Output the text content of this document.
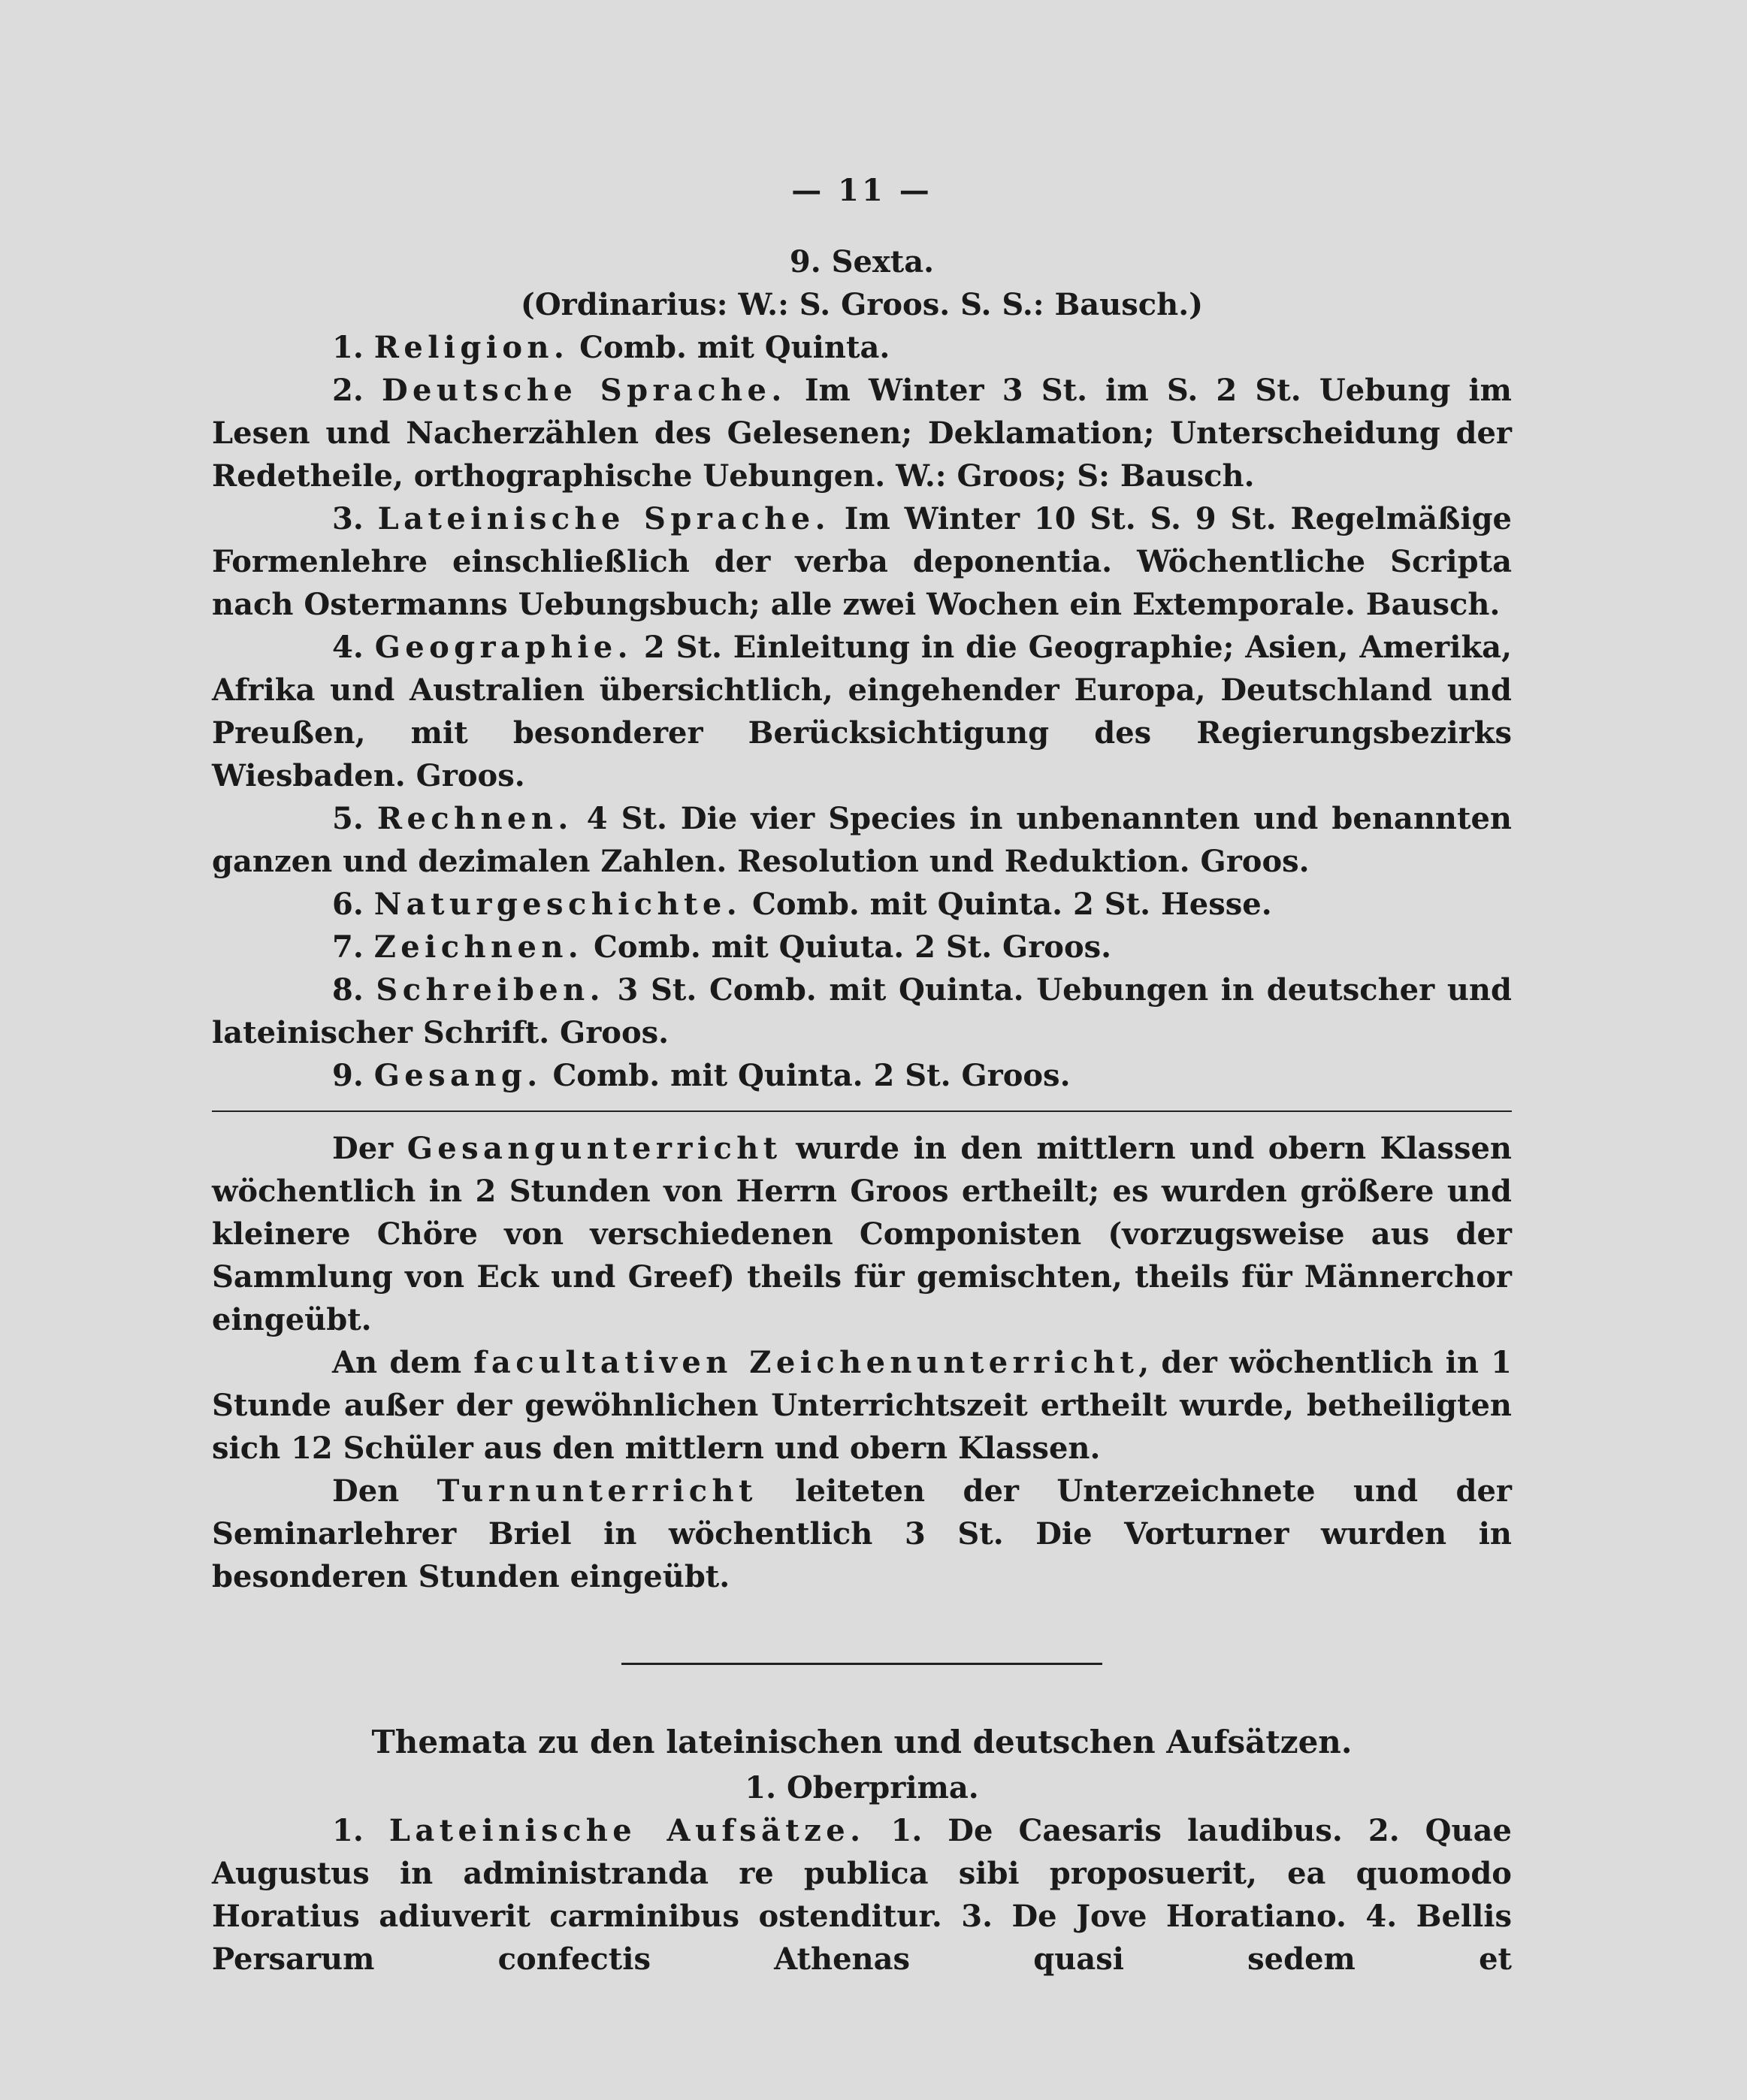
— 11 —
9. Sexta.
(Ordinarius: W.: S. Groos. S. S.: Bausch.)
1. Religion. Comb. mit Quinta.
2. Deutsche Sprache. Im Winter 3 St. im S. 2 St. Uebung im Lesen und Nacherzählen des Gelesenen; Deklamation; Unterscheidung der Redetheile, orthographische Uebungen. W.: Groos; S: Bausch.
3. Lateinische Sprache. Im Winter 10 St. S. 9 St. Regelmäßige Formenlehre einschließlich der verba deponentia. Wöchentliche Scripta nach Ostermanns Uebungsbuch; alle zwei Wochen ein Extemporale. Bausch.
4. Geographie. 2 St. Einleitung in die Geographie; Asien, Amerika, Afrika und Australien übersichtlich, eingehender Europa, Deutschland und Preußen, mit besonderer Berücksichtigung des Regierungsbezirks Wiesbaden. Groos.
5. Rechnen. 4 St. Die vier Species in unbenannten und benannten ganzen und dezimalen Zahlen. Resolution und Reduktion. Groos.
6. Naturgeschichte. Comb. mit Quinta. 2 St. Hesse.
7. Zeichnen. Comb. mit Quiuta. 2 St. Groos.
8. Schreiben. 3 St. Comb. mit Quinta. Uebungen in deutscher und lateinischer Schrift. Groos.
9. Gesang. Comb. mit Quinta. 2 St. Groos.
Der Gesangunterricht wurde in den mittlern und obern Klassen wöchentlich in 2 Stunden von Herrn Groos ertheilt; es wurden größere und kleinere Chöre von verschiedenen Componisten (vorzugsweise aus der Sammlung von Eck und Greef) theils für gemischten, theils für Männerchor eingeübt.
An dem facultativen Zeichenunterricht, der wöchentlich in 1 Stunde außer der gewöhnlichen Unterrichtszeit ertheilt wurde, betheiligten sich 12 Schüler aus den mittlern und obern Klassen.
Den Turnunterricht leiteten der Unterzeichnete und der Seminarlehrer Briel in wöchentlich 3 St. Die Vorturner wurden in besonderen Stunden eingeübt.
Themata zu den lateinischen und deutschen Aufsätzen.
1. Oberprima.
1. Lateinische Aufsätze. 1. De Caesaris laudibus. 2. Quae Augustus in administranda re publica sibi proposuerit, ea quomodo Horatius adiuverit carminibus ostenditur. 3. De Jove Horatiano. 4. Bellis Persarum confectis Athenas quasi sedem et
